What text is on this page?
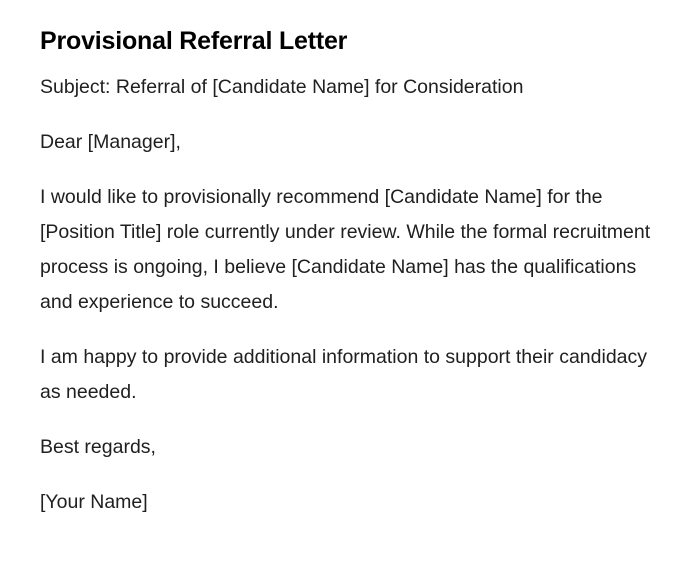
Provisional Referral Letter

Subject: Referral of [Candidate Name] for Consideration

Dear [Manager],

I would like to provisionally recommend [Candidate Name] for the [Position Title] role currently under review. While the formal recruitment process is ongoing, I believe [Candidate Name] has the qualifications and experience to succeed.

I am happy to provide additional information to support their candidacy as needed.

Best regards,

[Your Name]
